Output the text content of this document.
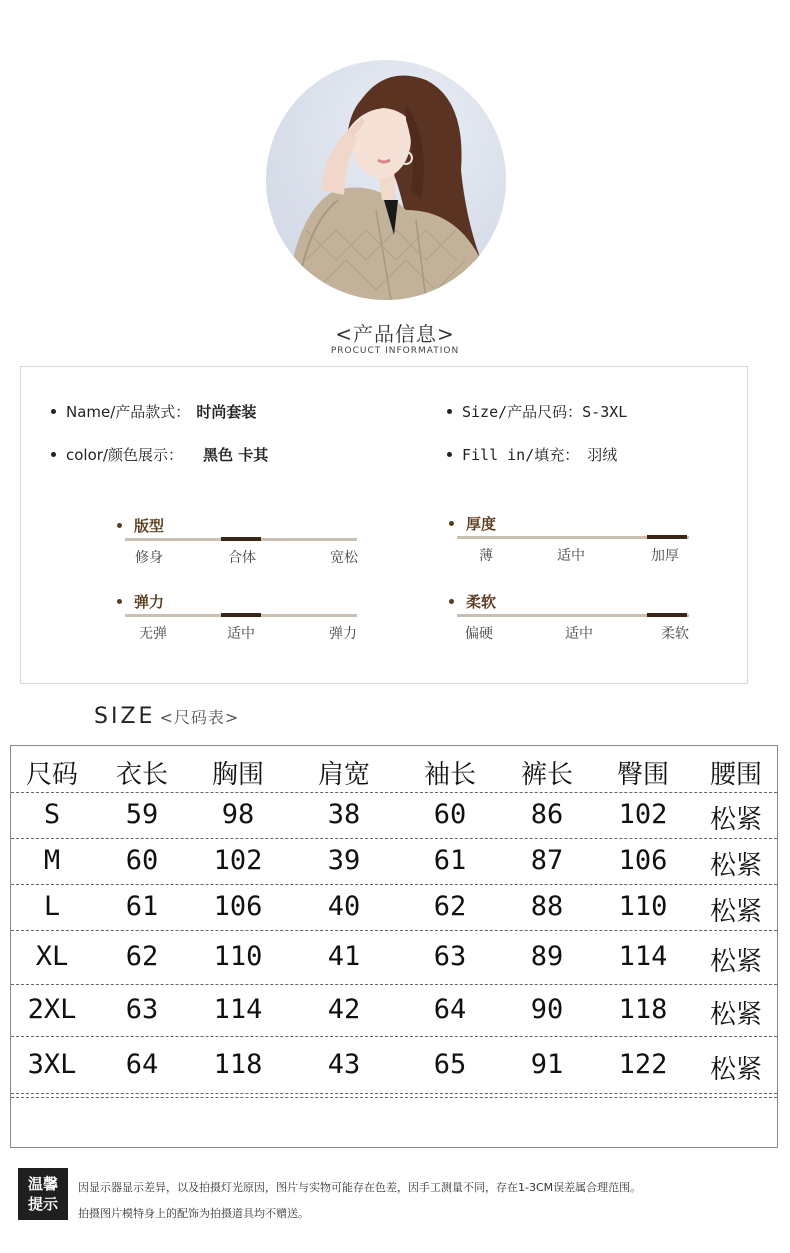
<产品信息>
PROCUCT INFORMATION
Name/产品款式： 时尚套装
color/颜色展示： 黑色 卡其
Size/产品尺码：S-3XL
Fill in/填充： 羽绒
版型
修身	合体	宽松
厚度
薄	适中	加厚
弹力
无弹	适中	弹力
柔软
偏硬	适中	柔软
SIZE <尺码表>
尺码	衣长	胸围	肩宽	袖长	裤长	臀围	腰围
S	59	98	38	60	86	102	松紧
M	60	102	39	61	87	106	松紧
L	61	106	40	62	88	110	松紧
XL	62	110	41	63	89	114	松紧
2XL	63	114	42	64	90	118	松紧
3XL	64	118	43	65	91	122	松紧
温馨
提示
因显示器显示差异，以及拍摄灯光原因，图片与实物可能存在色差，因手工测量不同，存在1-3CM误差属合理范围。
拍摄图片模特身上的配饰为拍摄道具均不赠送。
